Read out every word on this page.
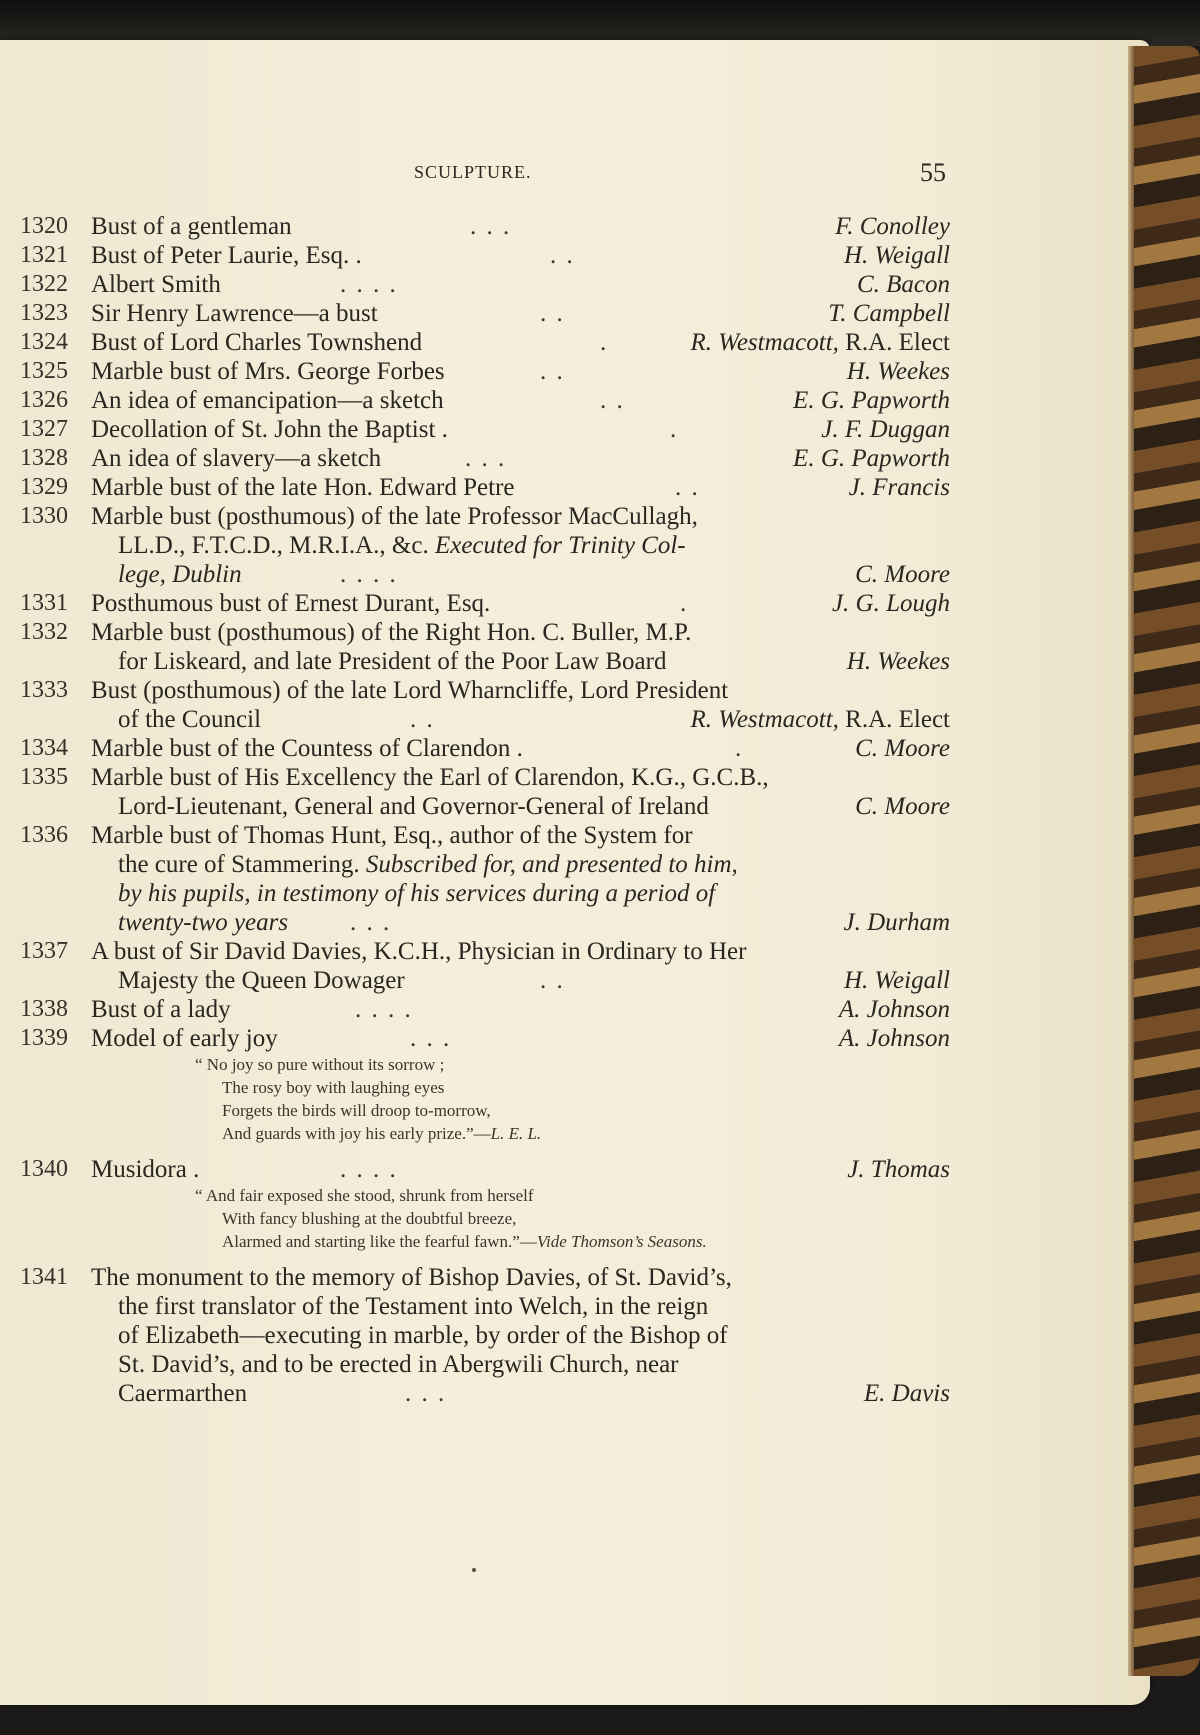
SCULPTURE.	55
1320 Bust of a gentleman	. . .	F. Conolley
1321 Bust of Peter Laurie, Esq. .	. .	H. Weigall
1322 Albert Smith	. . . .	C. Bacon
1323 Sir Henry Lawrence—a bust	. .	T. Campbell
1324 Bust of Lord Charles Townshend	.	R. Westmacott, R.A. Elect
1325 Marble bust of Mrs. George Forbes	. .	H. Weekes
1326 An idea of emancipation—a sketch	. .	E. G. Papworth
1327 Decollation of St. John the Baptist .	.	J. F. Duggan
1328 An idea of slavery—a sketch	. . .	E. G. Papworth
1329 Marble bust of the late Hon. Edward Petre	. .	J. Francis
1330 Marble bust (posthumous) of the late Professor MacCullagh,
LL.D., F.T.C.D., M.R.I.A., &c. Executed for Trinity Col-
lege, Dublin	. . . .	C. Moore
1331 Posthumous bust of Ernest Durant, Esq.	.	J. G. Lough
1332 Marble bust (posthumous) of the Right Hon. C. Buller, M.P.
for Liskeard, and late President of the Poor Law Board	H. Weekes
1333 Bust (posthumous) of the late Lord Wharncliffe, Lord President
of the Council	. .	R. Westmacott, R.A. Elect
1334 Marble bust of the Countess of Clarendon .	.	C. Moore
1335 Marble bust of His Excellency the Earl of Clarendon, K.G., G.C.B.,
Lord-Lieutenant, General and Governor-General of Ireland	C. Moore
1336 Marble bust of Thomas Hunt, Esq., author of the System for
the cure of Stammering. Subscribed for, and presented to him,
by his pupils, in testimony of his services during a period of
twenty-two years . . .	J. Durham
1337 A bust of Sir David Davies, K.C.H., Physician in Ordinary to Her
Majesty the Queen Dowager	. .	H. Weigall
1338 Bust of a lady	. . . .	A. Johnson
1339 Model of early joy	. . .	A. Johnson
“ No joy so pure without its sorrow ;
The rosy boy with laughing eyes
Forgets the birds will droop to-morrow,
And guards with joy his early prize.”—L. E. L.
1340 Musidora .	. . . .	J. Thomas
“ And fair exposed she stood, shrunk from herself
With fancy blushing at the doubtful breeze,
Alarmed and starting like the fearful fawn.”—Vide Thomson’s Seasons.
1341 The monument to the memory of Bishop Davies, of St. David’s,
the first translator of the Testament into Welch, in the reign
of Elizabeth—executing in marble, by order of the Bishop of
St. David’s, and to be erected in Abergwili Church, near
Caermarthen	. . .	E. Davis
